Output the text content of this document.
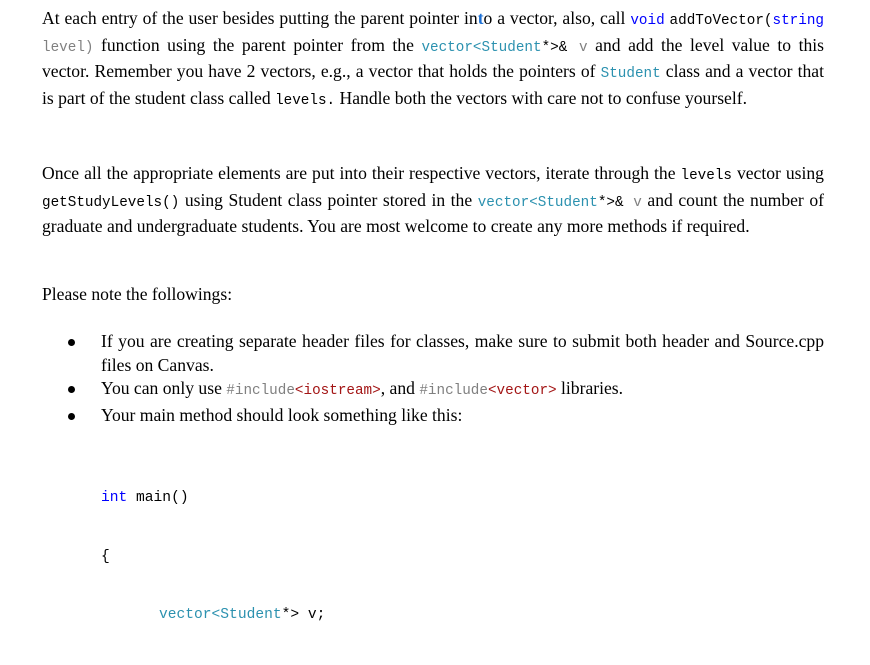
At each entry of the user besides putting the parent pointer into a vector, also, call void addToVector(string level) function using the parent pointer from the vector<Student*>& v and add the level value to this vector. Remember you have 2 vectors, e.g., a vector that holds the pointers of Student class and a vector that is part of the student class called levels. Handle both the vectors with care not to confuse yourself.

Once all the appropriate elements are put into their respective vectors, iterate through the levels vector using getStudyLevels() using Student class pointer stored in the vector<Student*>& v and count the number of graduate and undergraduate students. You are most welcome to create any more methods if required.

Please note the followings:

If you are creating separate header files for classes, make sure to submit both header and Source.cpp files on Canvas.
You can only use #include<iostream>, and #include<vector> libraries.
Your main method should look something like this:

int main()

{

vector<Student*> v;
